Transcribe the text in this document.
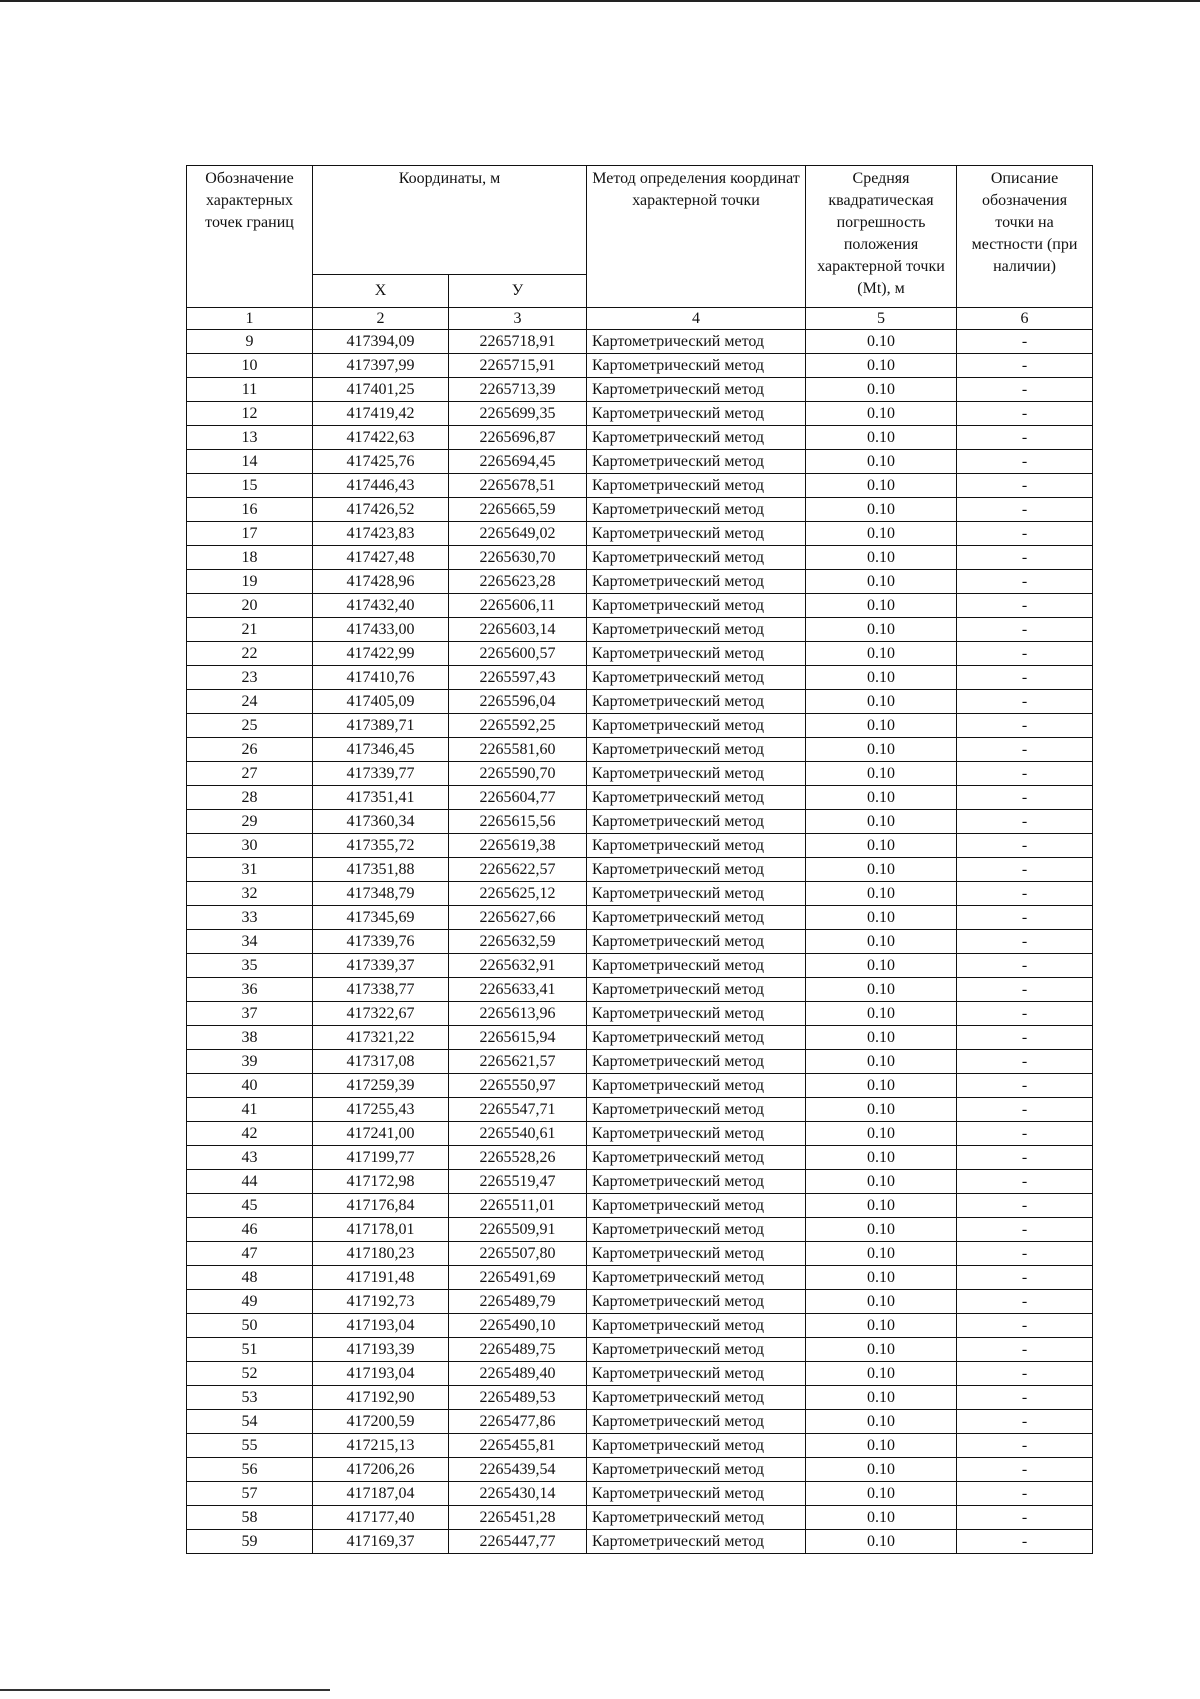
Обозначение характерных точек границ	Координаты, м		Метод определения координат характерной точки	Средняя квадратическая погрешность положения характерной точки (Мt), м	Описание обозначения точки на местности (при наличии)
	Х	У			
1	2	3	4	5	6
9	417394,09	2265718,91	Картометрический метод	0.10	-
10	417397,99	2265715,91	Картометрический метод	0.10	-
11	417401,25	2265713,39	Картометрический метод	0.10	-
12	417419,42	2265699,35	Картометрический метод	0.10	-
13	417422,63	2265696,87	Картометрический метод	0.10	-
14	417425,76	2265694,45	Картометрический метод	0.10	-
15	417446,43	2265678,51	Картометрический метод	0.10	-
16	417426,52	2265665,59	Картометрический метод	0.10	-
17	417423,83	2265649,02	Картометрический метод	0.10	-
18	417427,48	2265630,70	Картометрический метод	0.10	-
19	417428,96	2265623,28	Картометрический метод	0.10	-
20	417432,40	2265606,11	Картометрический метод	0.10	-
21	417433,00	2265603,14	Картометрический метод	0.10	-
22	417422,99	2265600,57	Картометрический метод	0.10	-
23	417410,76	2265597,43	Картометрический метод	0.10	-
24	417405,09	2265596,04	Картометрический метод	0.10	-
25	417389,71	2265592,25	Картометрический метод	0.10	-
26	417346,45	2265581,60	Картометрический метод	0.10	-
27	417339,77	2265590,70	Картометрический метод	0.10	-
28	417351,41	2265604,77	Картометрический метод	0.10	-
29	417360,34	2265615,56	Картометрический метод	0.10	-
30	417355,72	2265619,38	Картометрический метод	0.10	-
31	417351,88	2265622,57	Картометрический метод	0.10	-
32	417348,79	2265625,12	Картометрический метод	0.10	-
33	417345,69	2265627,66	Картометрический метод	0.10	-
34	417339,76	2265632,59	Картометрический метод	0.10	-
35	417339,37	2265632,91	Картометрический метод	0.10	-
36	417338,77	2265633,41	Картометрический метод	0.10	-
37	417322,67	2265613,96	Картометрический метод	0.10	-
38	417321,22	2265615,94	Картометрический метод	0.10	-
39	417317,08	2265621,57	Картометрический метод	0.10	-
40	417259,39	2265550,97	Картометрический метод	0.10	-
41	417255,43	2265547,71	Картометрический метод	0.10	-
42	417241,00	2265540,61	Картометрический метод	0.10	-
43	417199,77	2265528,26	Картометрический метод	0.10	-
44	417172,98	2265519,47	Картометрический метод	0.10	-
45	417176,84	2265511,01	Картометрический метод	0.10	-
46	417178,01	2265509,91	Картометрический метод	0.10	-
47	417180,23	2265507,80	Картометрический метод	0.10	-
48	417191,48	2265491,69	Картометрический метод	0.10	-
49	417192,73	2265489,79	Картометрический метод	0.10	-
50	417193,04	2265490,10	Картометрический метод	0.10	-
51	417193,39	2265489,75	Картометрический метод	0.10	-
52	417193,04	2265489,40	Картометрический метод	0.10	-
53	417192,90	2265489,53	Картометрический метод	0.10	-
54	417200,59	2265477,86	Картометрический метод	0.10	-
55	417215,13	2265455,81	Картометрический метод	0.10	-
56	417206,26	2265439,54	Картометрический метод	0.10	-
57	417187,04	2265430,14	Картометрический метод	0.10	-
58	417177,40	2265451,28	Картометрический метод	0.10	-
59	417169,37	2265447,77	Картометрический метод	0.10	-
